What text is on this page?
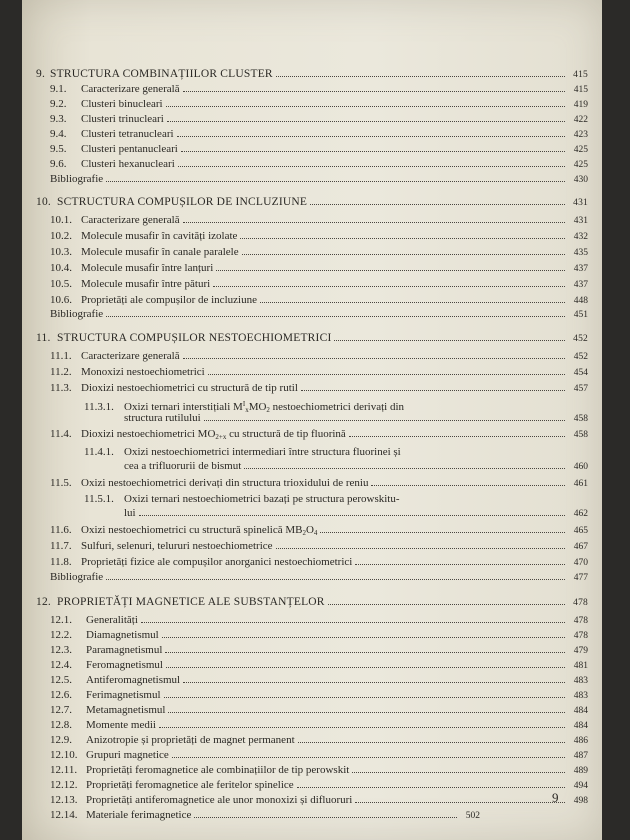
9. STRUCTURA COMBINAȚIILOR CLUSTER	415
9.1.	Caracterizare generală	415
9.2.	Clusteri binucleari	419
9.3.	Clusteri trinucleari	422
9.4.	Clusteri tetranucleari	423
9.5.	Clusteri pentanucleari	425
9.6.	Clusteri hexanucleari	425
Bibliografie	430
10. SCTRUCTURA COMPUȘILOR DE INCLUZIUNE	431
10.1. Caracterizare generală	431
10.2. Molecule musafir în cavități izolate	432
10.3. Molecule musafir în canale paralele	435
10.4. Molecule musafir între lanțuri	437
10.5. Molecule musafir între pături	437
10.6. Proprietăți ale compușilor de incluziune	448
Bibliografie	451
11. STRUCTURA COMPUȘILOR NESTOECHIOMETRICI	452
11.1. Caracterizare generală	452
11.2. Monoxizi nestoechiometrici	454
11.3. Dioxizi nestoechiometrici cu structură de tip rutil	457
11.3.1. Oxizi ternari interstițiali $M^I_xMO_2$ nestoechiometrici derivați din
structura rutilului	458
11.4. Dioxizi nestoechiometrici $MO_{2+x}$ cu structură de tip fluorină	458
11.4.1. Oxizi nestoechiometrici intermediari între structura fluorinei și
cea a trifluorurii de bismut	460
11.5. Oxizi nestoechiometrici derivați din structura trioxidului de reniu	461
11.5.1. Oxizi ternari nestoechiometrici bazați pe structura perowskitu-
lui	462
11.6. Oxizi nestoechiometrici cu structură spinelică $MB_2O_4$	465
11.7. Sulfuri, selenuri, telururi nestoechiometrice	467
11.8. Proprietăți fizice ale compușilor anorganici nestoechiometrici	470
Bibliografie	477
12. PROPRIETĂȚI MAGNETICE ALE SUBSTANȚELOR	478
12.1.	Generalități	478
12.2.	Diamagnetismul	478
12.3.	Paramagnetismul	479
12.4.	Feromagnetismul	481
12.5.	Antiferomagnetismul	483
12.6.	Ferimagnetismul	483
12.7.	Metamagnetismul	484
12.8.	Momente medii	484
12.9.	Anizotropie și proprietăți de magnet permanent	486
12.10. Grupuri magnetice	487
12.11. Proprietăți feromagnetice ale combinațiilor de tip perowskit	489
12.12. Proprietăți feromagnetice ale feritelor spinelice	494
12.13. Proprietăți antiferomagnetice ale unor monoxizi și difluoruri	498
12.14. Materiale ferimagnetice	502
9
